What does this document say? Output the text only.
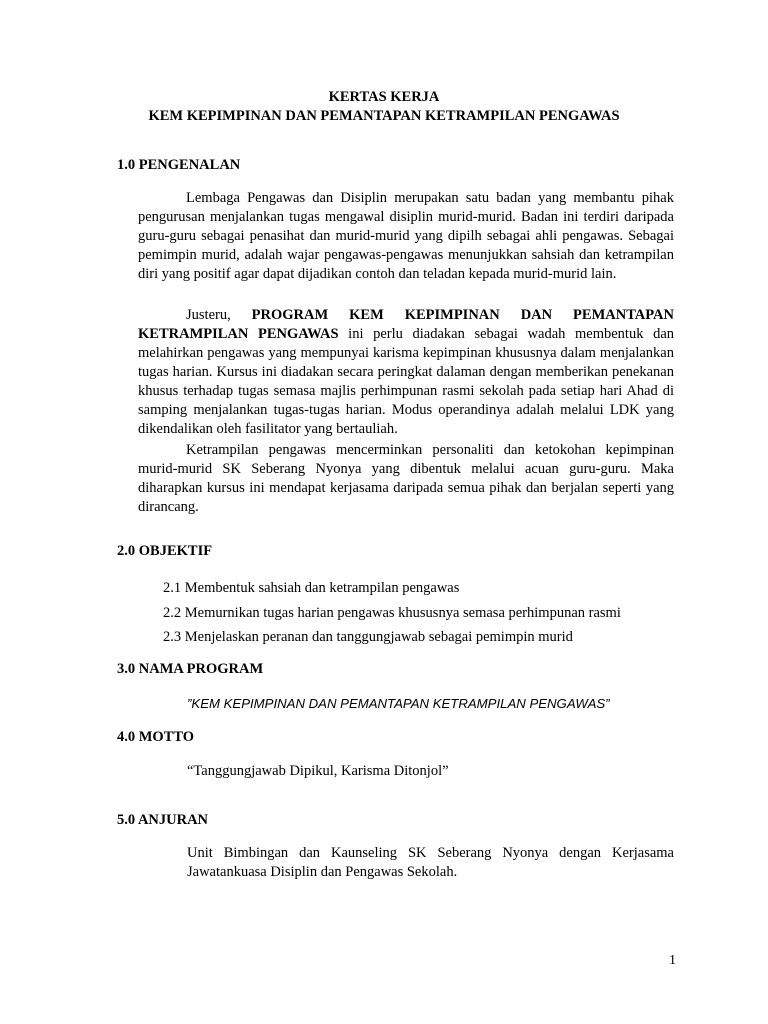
KERTAS KERJA
KEM KEPIMPINAN DAN PEMANTAPAN KETRAMPILAN PENGAWAS
1.0 PENGENALAN

Lembaga Pengawas dan Disiplin merupakan satu badan yang membantu pihak pengurusan menjalankan tugas mengawal disiplin murid-murid. Badan ini terdiri daripada guru-guru sebagai penasihat dan murid-murid yang dipilh sebagai ahli pengawas. Sebagai pemimpin murid, adalah wajar pengawas-pengawas menunjukkan sahsiah dan ketrampilan diri yang positif agar dapat dijadikan contoh dan teladan kepada murid-murid lain.

Justeru, PROGRAM KEM KEPIMPINAN DAN PEMANTAPAN KETRAMPILAN PENGAWAS ini perlu diadakan sebagai wadah membentuk dan melahirkan pengawas yang mempunyai karisma kepimpinan khususnya dalam menjalankan tugas harian. Kursus ini diadakan secara peringkat dalaman dengan memberikan penekanan khusus terhadap tugas semasa majlis perhimpunan rasmi sekolah pada setiap hari Ahad di samping menjalankan tugas-tugas harian. Modus operandinya adalah melalui LDK yang dikendalikan oleh fasilitator yang bertauliah.

Ketrampilan pengawas mencerminkan personaliti dan ketokohan kepimpinan murid-murid SK Seberang Nyonya yang dibentuk melalui acuan guru-guru. Maka diharapkan kursus ini mendapat kerjasama daripada semua pihak dan berjalan seperti yang dirancang.

2.0 OBJEKTIF
2.1 Membentuk sahsiah dan ketrampilan pengawas
2.2 Memurnikan tugas harian pengawas khususnya semasa perhimpunan rasmi
2.3 Menjelaskan peranan dan tanggungjawab sebagai pemimpin murid
3.0 NAMA PROGRAM
”KEM KEPIMPINAN DAN PEMANTAPAN KETRAMPILAN PENGAWAS”
4.0 MOTTO
“Tanggungjawab Dipikul, Karisma Ditonjol”
5.0 ANJURAN

Unit Bimbingan dan Kaunseling SK Seberang Nyonya dengan Kerjasama Jawatankuasa Disiplin dan Pengawas Sekolah.

1
